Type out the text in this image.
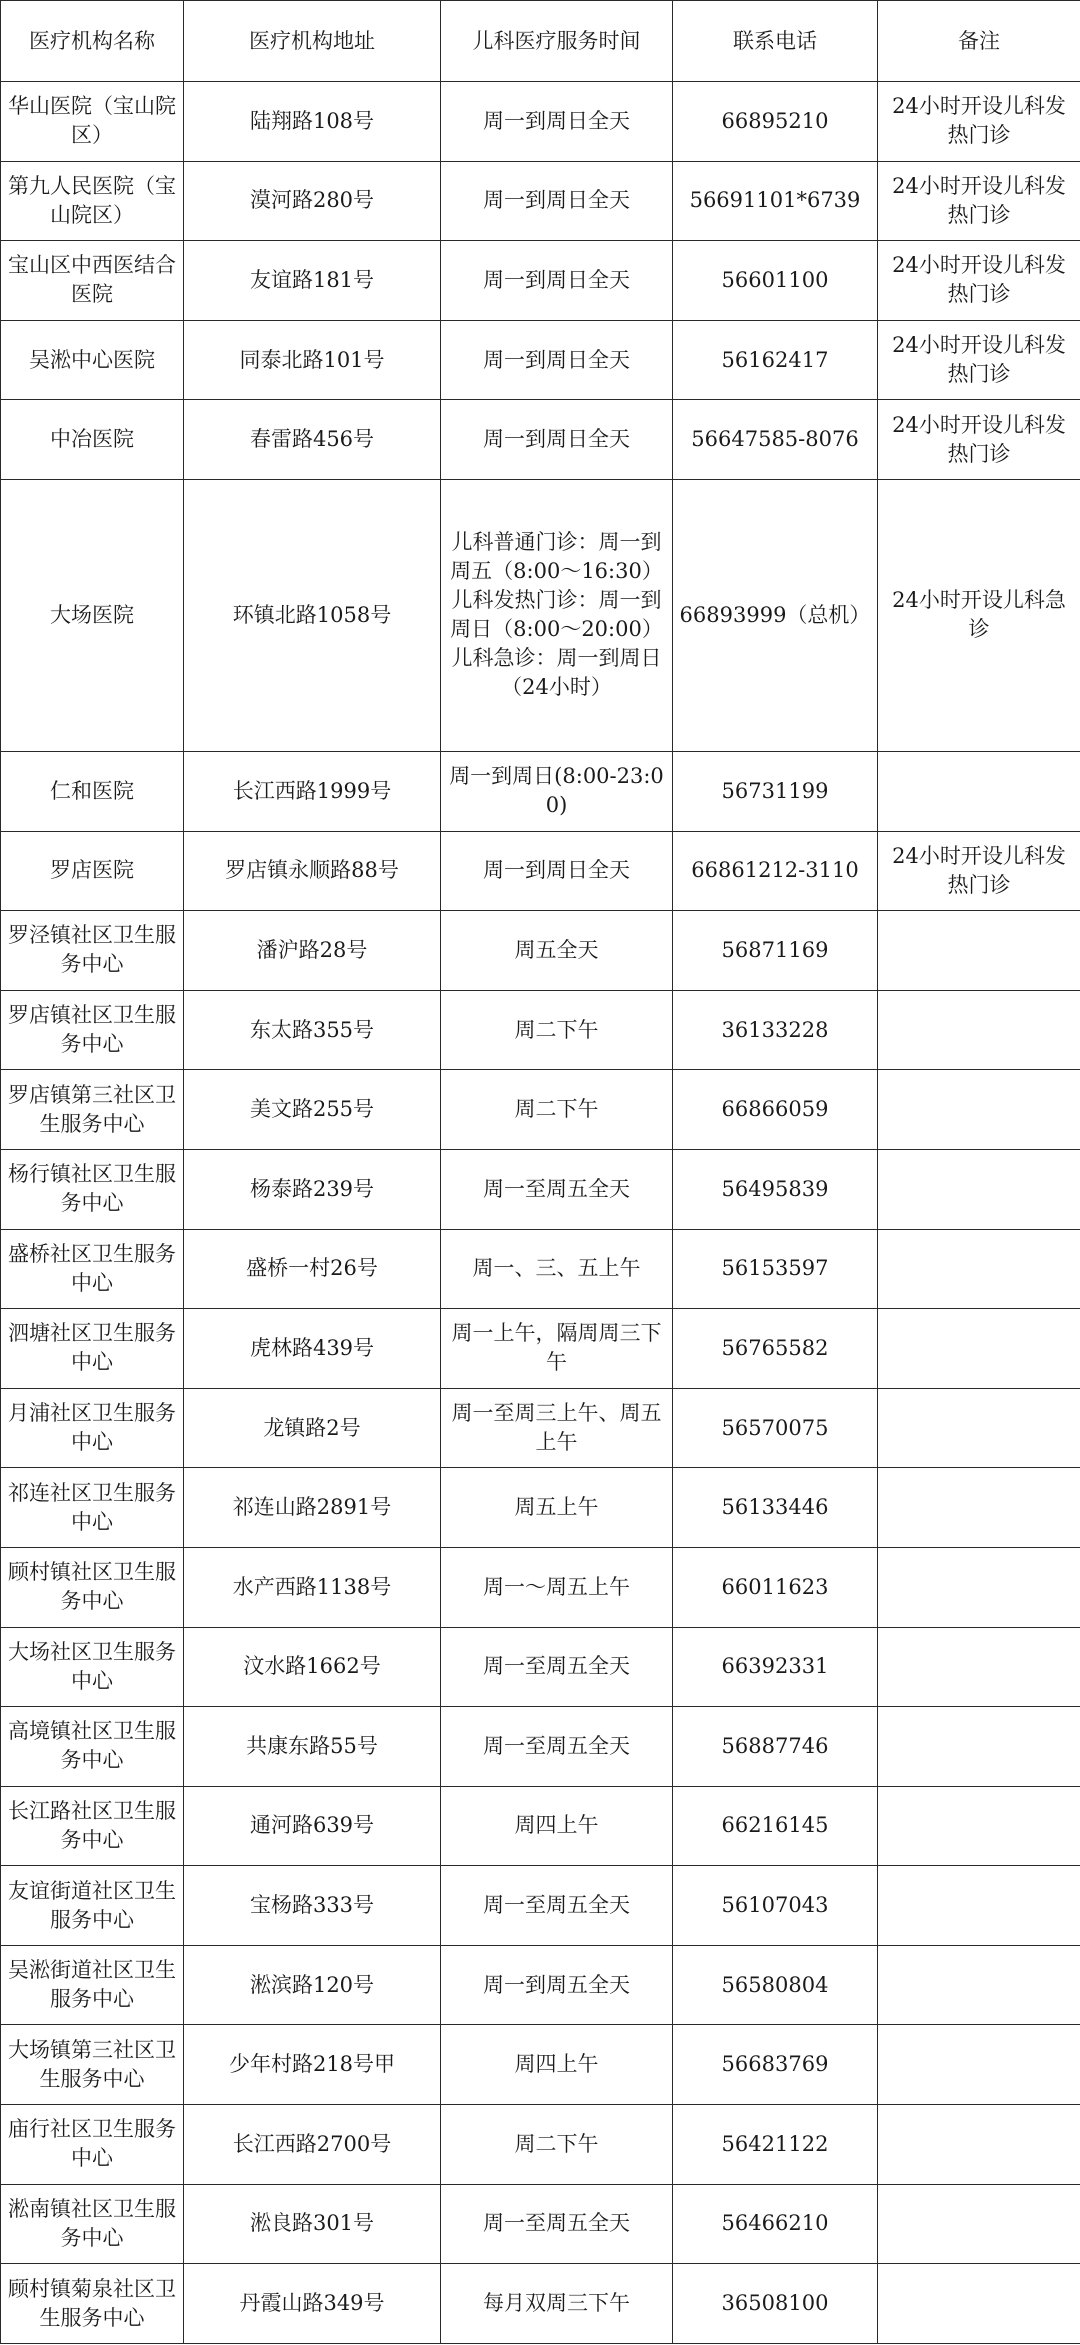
医疗机构名称	医疗机构地址	儿科医疗服务时间	联系电话	备注
华山医院（宝山院区）	陆翔路108号	周一到周日全天	66895210	24小时开设儿科发热门诊
第九人民医院（宝山院区）	漠河路280号	周一到周日全天	56691101*6739	24小时开设儿科发热门诊
宝山区中西医结合医院	友谊路181号	周一到周日全天	56601100	24小时开设儿科发热门诊
吴淞中心医院	同泰北路101号	周一到周日全天	56162417	24小时开设儿科发热门诊
中冶医院	春雷路456号	周一到周日全天	56647585-8076	24小时开设儿科发热门诊
大场医院	环镇北路1058号	儿科普通门诊：周一到周五（8:00～16:30）儿科发热门诊：周一到周日（8:00～20:00）儿科急诊：周一到周日（24小时）	66893999（总机）	24小时开设儿科急诊
仁和医院	长江西路1999号	周一到周日(8:00-23:00)	56731199	
罗店医院	罗店镇永顺路88号	周一到周日全天	66861212-3110	24小时开设儿科发热门诊
罗泾镇社区卫生服务中心	潘沪路28号	周五全天	56871169	
罗店镇社区卫生服务中心	东太路355号	周二下午	36133228	
罗店镇第三社区卫生服务中心	美文路255号	周二下午	66866059	
杨行镇社区卫生服务中心	杨泰路239号	周一至周五全天	56495839	
盛桥社区卫生服务中心	盛桥一村26号	周一、三、五上午	56153597	
泗塘社区卫生服务中心	虎林路439号	周一上午，隔周周三下午	56765582	
月浦社区卫生服务中心	龙镇路2号	周一至周三上午、周五上午	56570075	
祁连社区卫生服务中心	祁连山路2891号	周五上午	56133446	
顾村镇社区卫生服务中心	水产西路1138号	周一～周五上午	66011623	
大场社区卫生服务中心	汶水路1662号	周一至周五全天	66392331	
高境镇社区卫生服务中心	共康东路55号	周一至周五全天	56887746	
长江路社区卫生服务中心	通河路639号	周四上午	66216145	
友谊街道社区卫生服务中心	宝杨路333号	周一至周五全天	56107043	
吴淞街道社区卫生服务中心	淞滨路120号	周一到周五全天	56580804	
大场镇第三社区卫生服务中心	少年村路218号甲	周四上午	56683769	
庙行社区卫生服务中心	长江西路2700号	周二下午	56421122	
淞南镇社区卫生服务中心	淞良路301号	周一至周五全天	56466210	
顾村镇菊泉社区卫生服务中心	丹霞山路349号	每月双周三下午	36508100	
